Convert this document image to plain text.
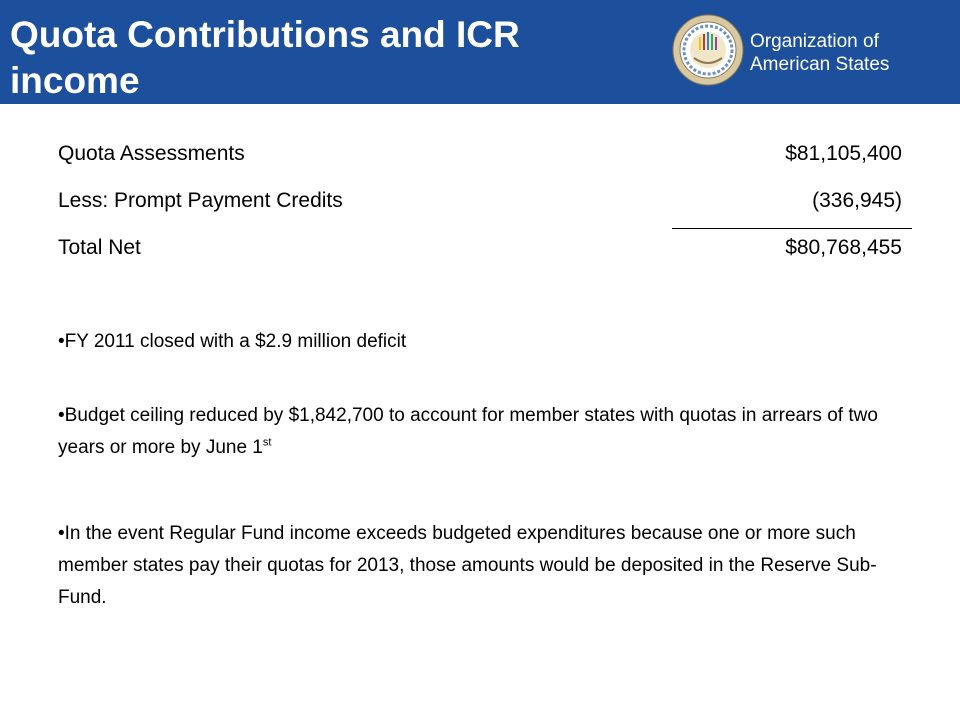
Quota Contributions and ICR
income
Organization of
American States
Quota Assessments	$81,105,400
Less: Prompt Payment Credits	(336,945)
Total Net	$80,768,455
•FY 2011 closed with a $2.9 million deficit
•Budget ceiling reduced by $1,842,700 to account for member states with quotas in arrears of two years or more by June 1st
•In the event Regular Fund income exceeds budgeted expenditures because one or more such member states pay their quotas for 2013, those amounts would be deposited in the Reserve Sub-Fund.
